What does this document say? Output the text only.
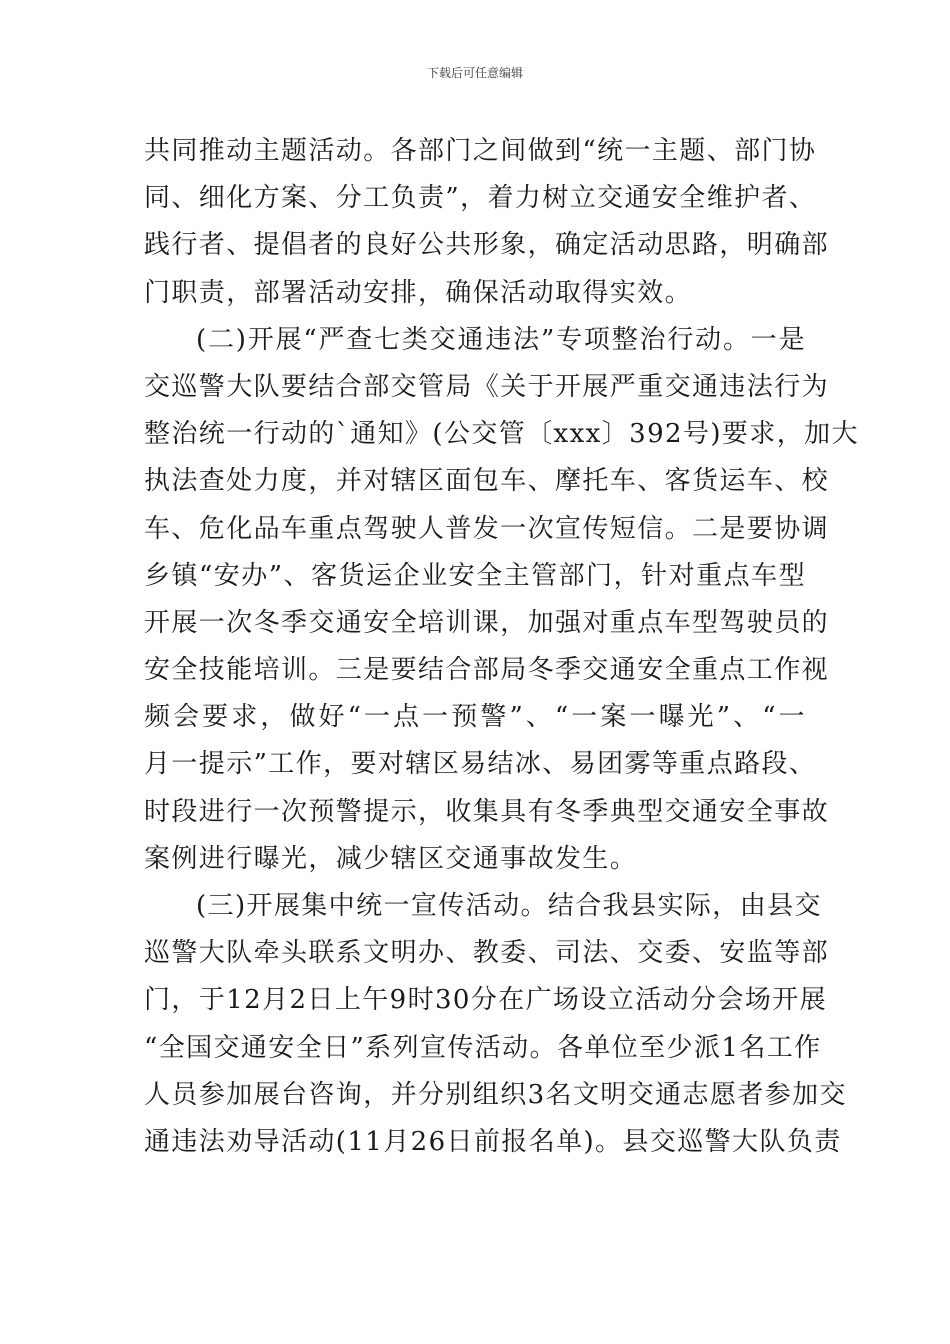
下载后可任意编辑
共同推动主题活动。各部门之间做到“统一主题、部门协
同、细化方案、分工负责”，着力树立交通安全维护者、
践行者、提倡者的良好公共形象，确定活动思路，明确部
门职责，部署活动安排，确保活动取得实效。
(二)开展“严查七类交通违法”专项整治行动。一是
交巡警大队要结合部交管局《关于开展严重交通违法行为
整治统一行动的`通知》(公交管〔xxx〕392号)要求，加大
执法查处力度，并对辖区面包车、摩托车、客货运车、校
车、危化品车重点驾驶人普发一次宣传短信。二是要协调
乡镇“安办”、客货运企业安全主管部门，针对重点车型
开展一次冬季交通安全培训课，加强对重点车型驾驶员的
安全技能培训。三是要结合部局冬季交通安全重点工作视
频会要求，做好“一点一预警”、“一案一曝光”、“一
月一提示”工作，要对辖区易结冰、易团雾等重点路段、
时段进行一次预警提示，收集具有冬季典型交通安全事故
案例进行曝光，减少辖区交通事故发生。
(三)开展集中统一宣传活动。结合我县实际，由县交
巡警大队牵头联系文明办、教委、司法、交委、安监等部
门，于12月2日上午9时30分在广场设立活动分会场开展
“全国交通安全日”系列宣传活动。各单位至少派1名工作
人员参加展台咨询，并分别组织3名文明交通志愿者参加交
通违法劝导活动(11月26日前报名单)。县交巡警大队负责
